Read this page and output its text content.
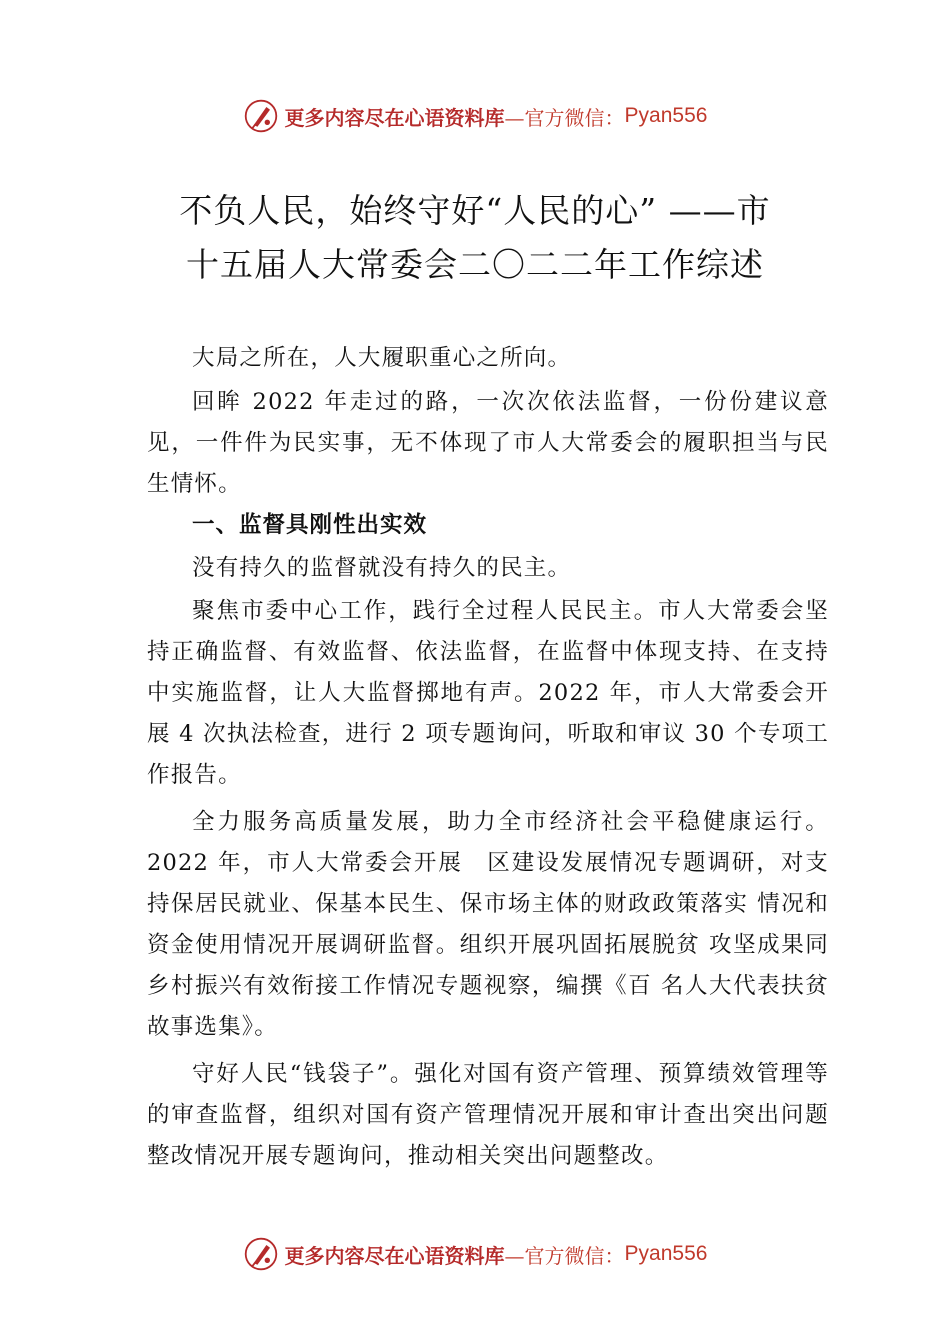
更多内容尽在心语资料库 —官方微信： Pyan556
不负人民，始终守好“人民的心” ——市
十五届人大常委会二〇二二年工作综述

大局之所在，人大履职重心之所向。

回眸 2022 年走过的路，一次次依法监督，一份份建议意见，一件件为民实事，无不体现了市人大常委会的履职担当与民生情怀。

一、监督具刚性出实效

没有持久的监督就没有持久的民主。

聚焦市委中心工作，践行全过程人民民主。市人大常委会坚持正确监督、有效监督、依法监督，在监督中体现支持、在支持中实施监督，让人大监督掷地有声。2022 年，市人大常委会开展 4 次执法检查，进行 2 项专题询问，听取和审议 30 个专项工作报告。

全力服务高质量发展，助力全市经济社会平稳健康运行。2022 年，市人大常委会开展　区建设发展情况专题调研，对支持保居民就业、保基本民生、保市场主体的财政政策落实 情况和资金使用情况开展调研监督。组织开展巩固拓展脱贫 攻坚成果同乡村振兴有效衔接工作情况专题视察，编撰《百 名人大代表扶贫故事选集》。

守好人民“钱袋子”。强化对国有资产管理、预算绩效管理等的审查监督，组织对国有资产管理情况开展和审计查出突出问题整改情况开展专题询问，推动相关突出问题整改。

更多内容尽在心语资料库 —官方微信： Pyan556
